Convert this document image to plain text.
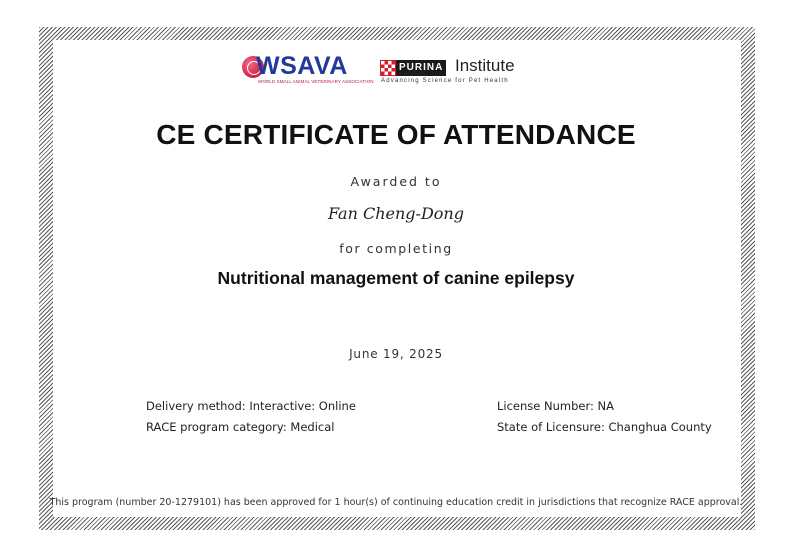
WSAVA
WORLD SMALL ANIMAL VETERINARY ASSOCIATION
PURINA Institute
Advancing Science for Pet Health
CE CERTIFICATE OF ATTENDANCE
Awarded to
Fan Cheng-Dong
for completing
Nutritional management of canine epilepsy
June 19, 2025
Delivery method: Interactive: Online
RACE program category: Medical
License Number: NA
State of Licensure: Changhua County
This program (number 20-1279101) has been approved for 1 hour(s) of continuing education credit in jurisdictions that recognize RACE approval.
